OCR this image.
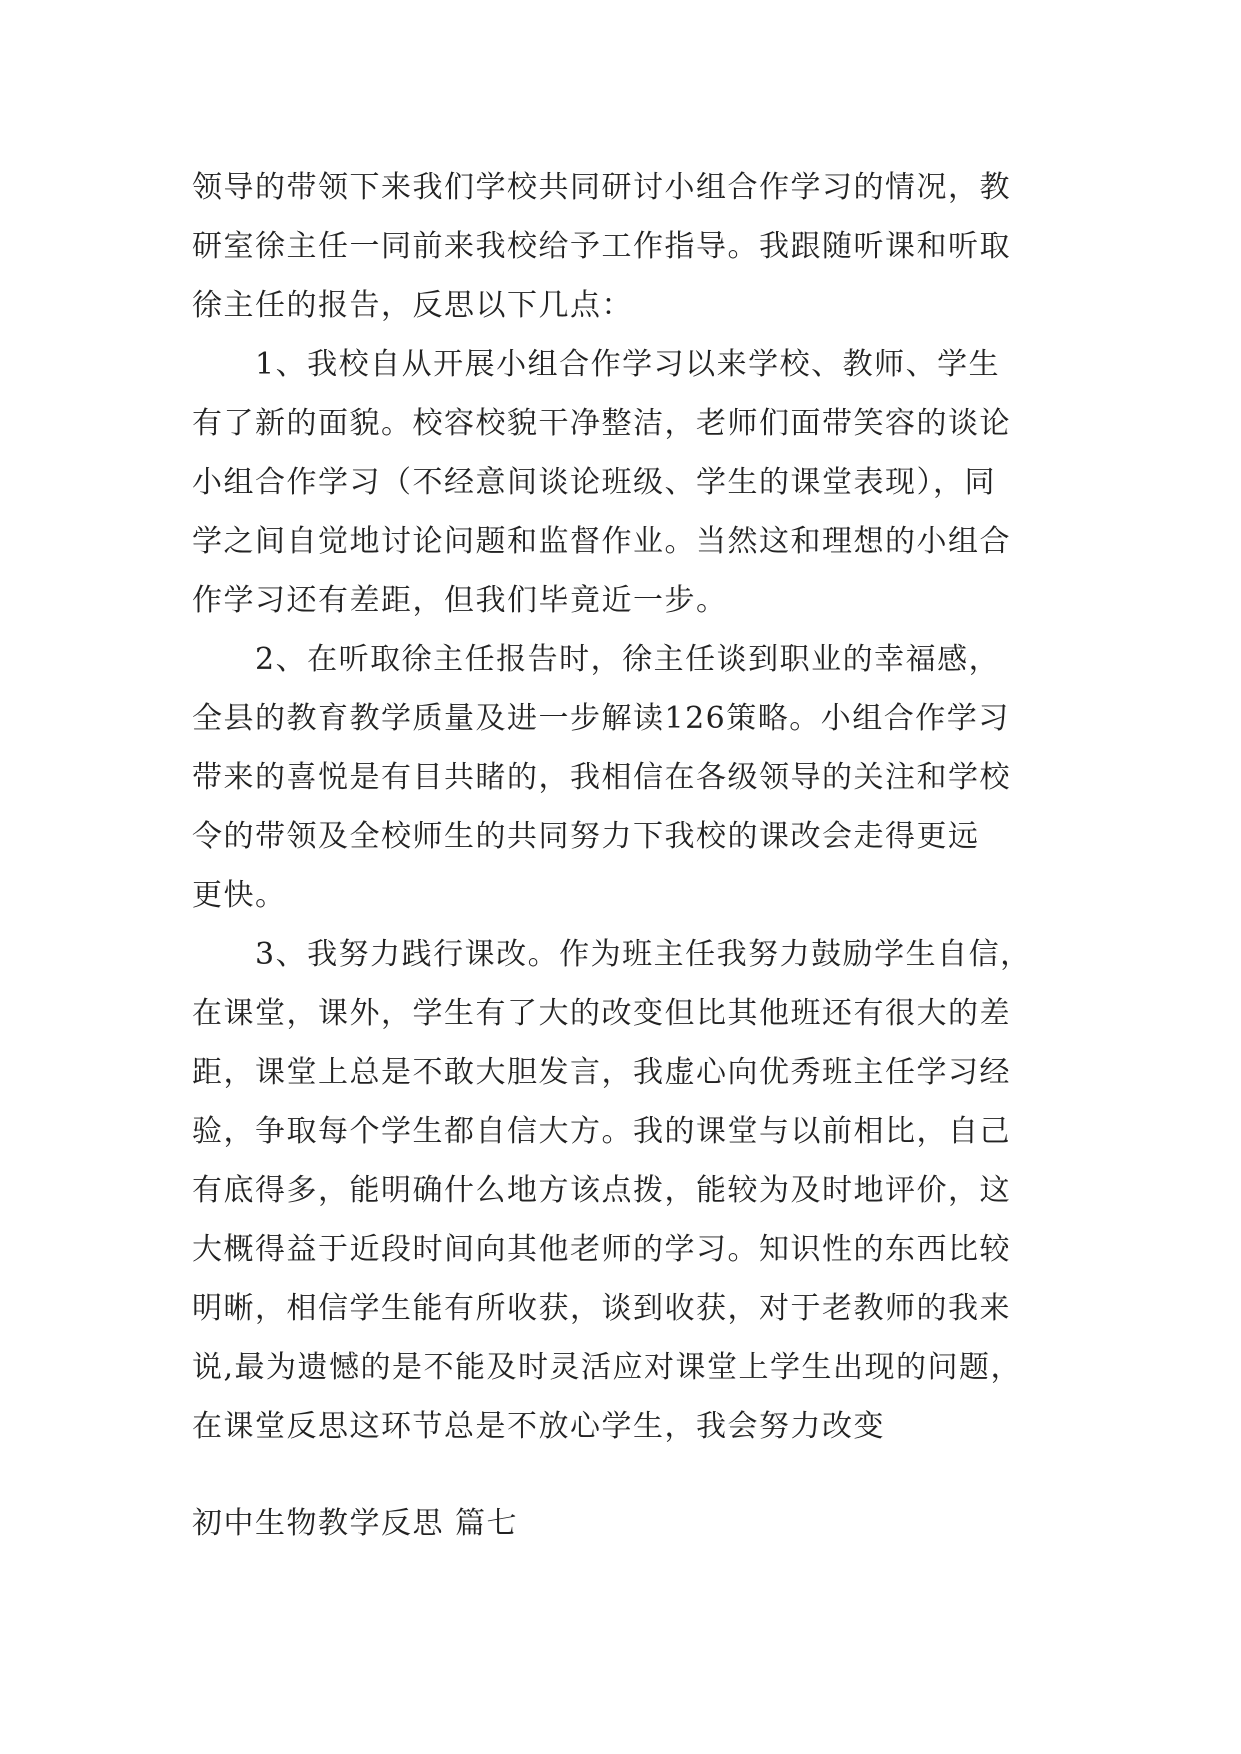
领导的带领下来我们学校共同研讨小组合作学习的情况，教
研室徐主任一同前来我校给予工作指导。我跟随听课和听取
徐主任的报告，反思以下几点：
1、我校自从开展小组合作学习以来学校、教师、学生
有了新的面貌。校容校貌干净整洁，老师们面带笑容的谈论
小组合作学习（不经意间谈论班级、学生的课堂表现），同
学之间自觉地讨论问题和监督作业。当然这和理想的小组合
作学习还有差距，但我们毕竟近一步。
2、在听取徐主任报告时，徐主任谈到职业的幸福感，
全县的教育教学质量及进一步解读126策略。小组合作学习
带来的喜悦是有目共睹的，我相信在各级领导的关注和学校
令的带领及全校师生的共同努力下我校的课改会走得更远
更快。
3、我努力践行课改。作为班主任我努力鼓励学生自信，
在课堂，课外，学生有了大的改变但比其他班还有很大的差
距，课堂上总是不敢大胆发言，我虚心向优秀班主任学习经
验，争取每个学生都自信大方。我的课堂与以前相比，自己
有底得多，能明确什么地方该点拨，能较为及时地评价，这
大概得益于近段时间向其他老师的学习。知识性的东西比较
明晰，相信学生能有所收获，谈到收获，对于老教师的我来
说,最为遗憾的是不能及时灵活应对课堂上学生出现的问题，
在课堂反思这环节总是不放心学生，我会努力改变
初中生物教学反思 篇七
